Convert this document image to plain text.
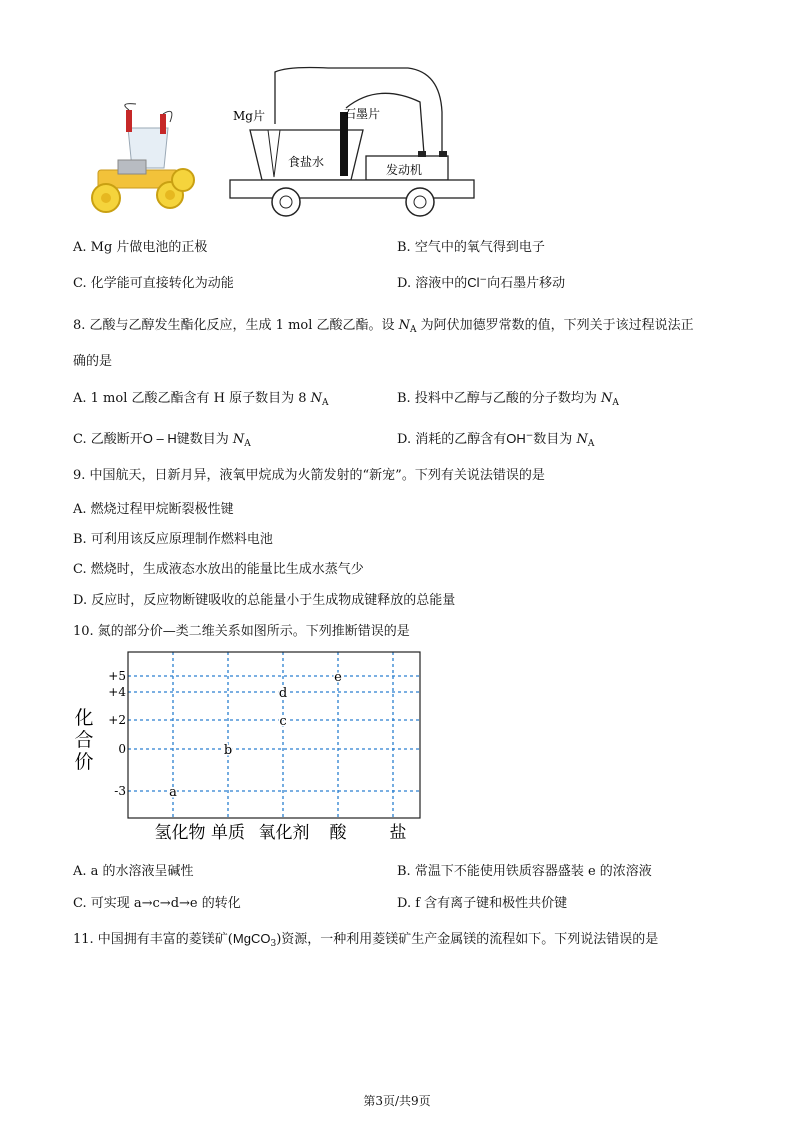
Mg片	石墨片
食盐水
发动机
A. Mg 片做电池的正极	B. 空气中的氧气得到电子
C. 化学能可直接转化为动能	D. 溶液中的Cl−向石墨片移动
8. 乙酸与乙醇发生酯化反应，生成 1 mol 乙酸乙酯。设 $N_A$ 为阿伏加德罗常数的值，下列关于该过程说法正
确的是
A. 1 mol 乙酸乙酯含有 H 原子数目为 8 $N_A$	B. 投料中乙醇与乙酸的分子数均为 $N_A$
C. 乙酸断开O – H键数目为 $N_A$	D. 消耗的乙醇含有OH−数目为 $N_A$
9. 中国航天，日新月异，液氧甲烷成为火箭发射的“新宠”。下列有关说法错误的是
A. 燃烧过程甲烷断裂极性键
B. 可利用该反应原理制作燃料电池
C. 燃烧时，生成液态水放出的能量比生成水蒸气少
D. 反应时，反应物断键吸收的总能量小于生成物成键释放的总能量
10. 氮的部分价—类二维关系如图所示。下列推断错误的是
+5
+4
+2
0
-3
氢化物 单质 氧化剂 酸	盐
a
b
c
d
e
化
合
价
A. a 的水溶液呈碱性	B. 常温下不能使用铁质容器盛装 e 的浓溶液
C. 可实现 a→c→d→e 的转化	D. f 含有离子键和极性共价键
11. 中国拥有丰富的菱镁矿(MgCO$_3$)资源，一种利用菱镁矿生产金属镁的流程如下。下列说法错误的是
第3页/共9页
